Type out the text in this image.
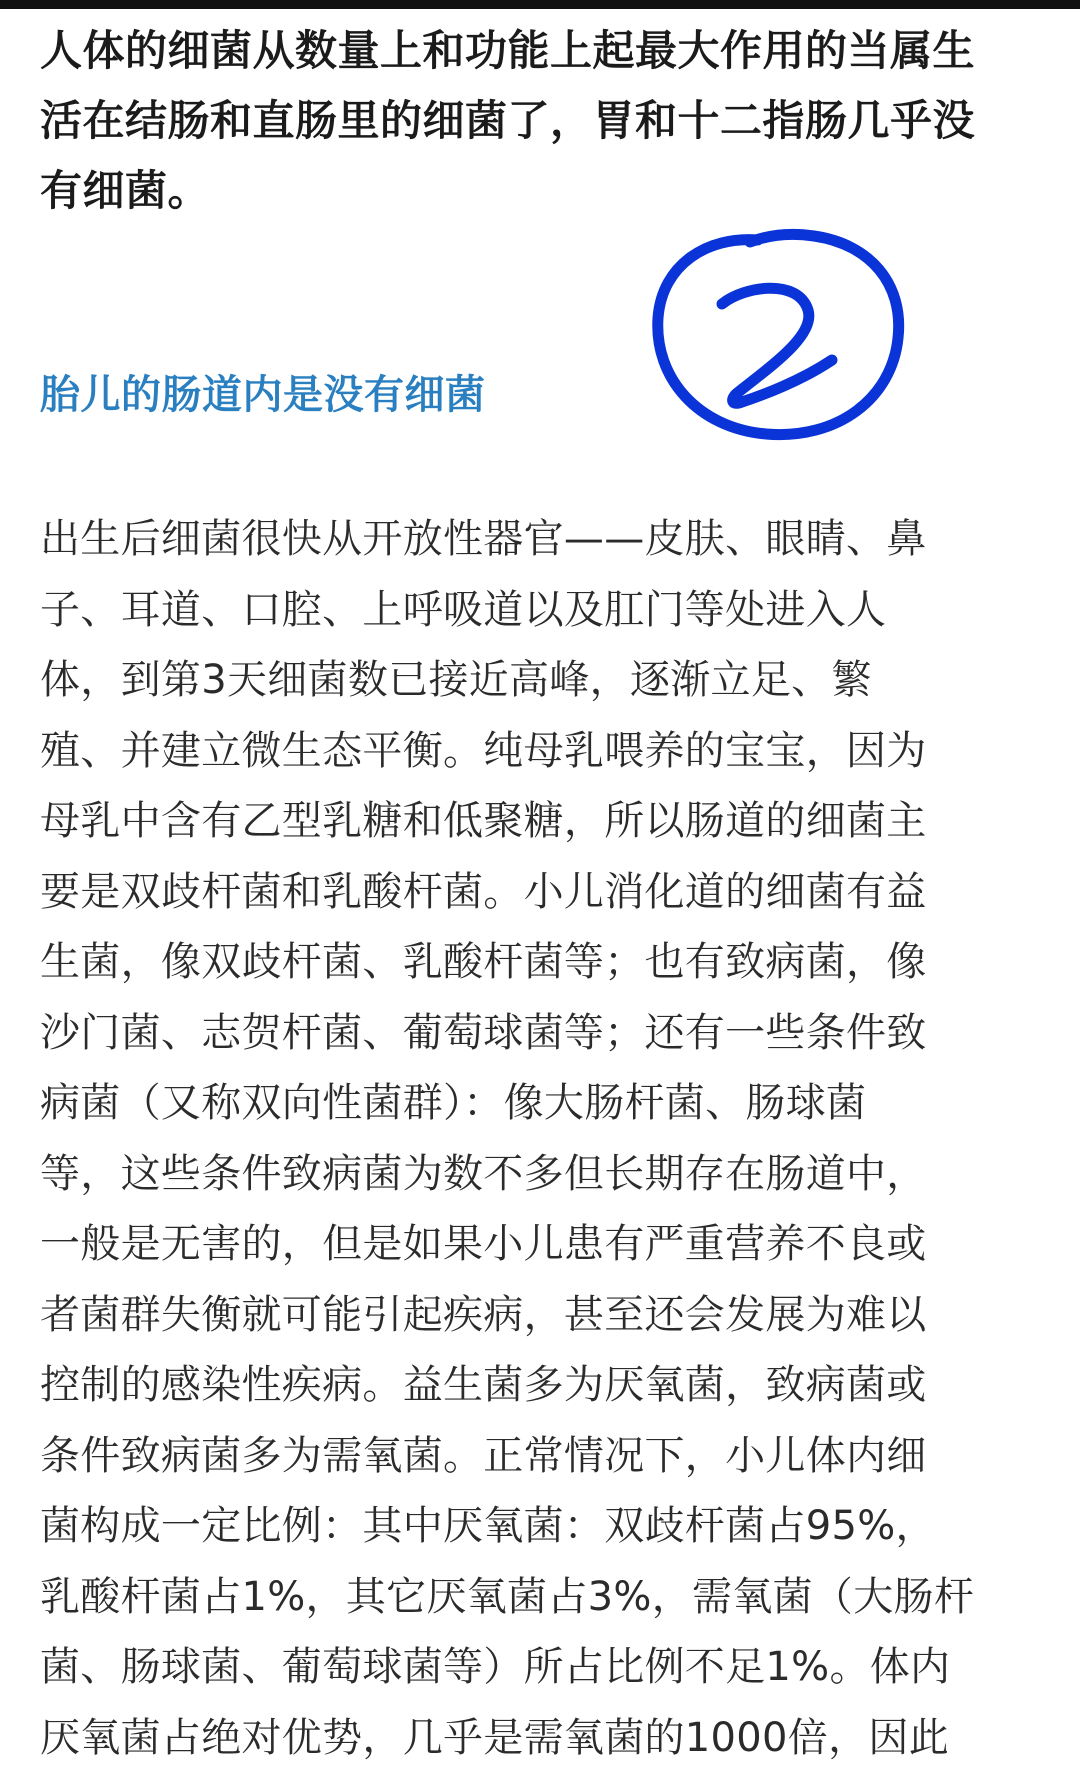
人体的细菌从数量上和功能上起最大作用的当属生
活在结肠和直肠里的细菌了，胃和十二指肠几乎没
有细菌。
胎儿的肠道内是没有细菌
出生后细菌很快从开放性器官——皮肤、眼睛、鼻
子、耳道、口腔、上呼吸道以及肛门等处进入人
体，到第3天细菌数已接近高峰，逐渐立足、繁
殖、并建立微生态平衡。纯母乳喂养的宝宝，因为
母乳中含有乙型乳糖和低聚糖，所以肠道的细菌主
要是双歧杆菌和乳酸杆菌。小儿消化道的细菌有益
生菌，像双歧杆菌、乳酸杆菌等；也有致病菌，像
沙门菌、志贺杆菌、葡萄球菌等；还有一些条件致
病菌（又称双向性菌群）：像大肠杆菌、肠球菌
等，这些条件致病菌为数不多但长期存在肠道中，
一般是无害的，但是如果小儿患有严重营养不良或
者菌群失衡就可能引起疾病，甚至还会发展为难以
控制的感染性疾病。益生菌多为厌氧菌，致病菌或
条件致病菌多为需氧菌。正常情况下，小儿体内细
菌构成一定比例：其中厌氧菌：双歧杆菌占95%，
乳酸杆菌占1%，其它厌氧菌占3%，需氧菌（大肠杆
菌、肠球菌、葡萄球菌等）所占比例不足1%。体内
厌氧菌占绝对优势，几乎是需氧菌的1000倍，因此
